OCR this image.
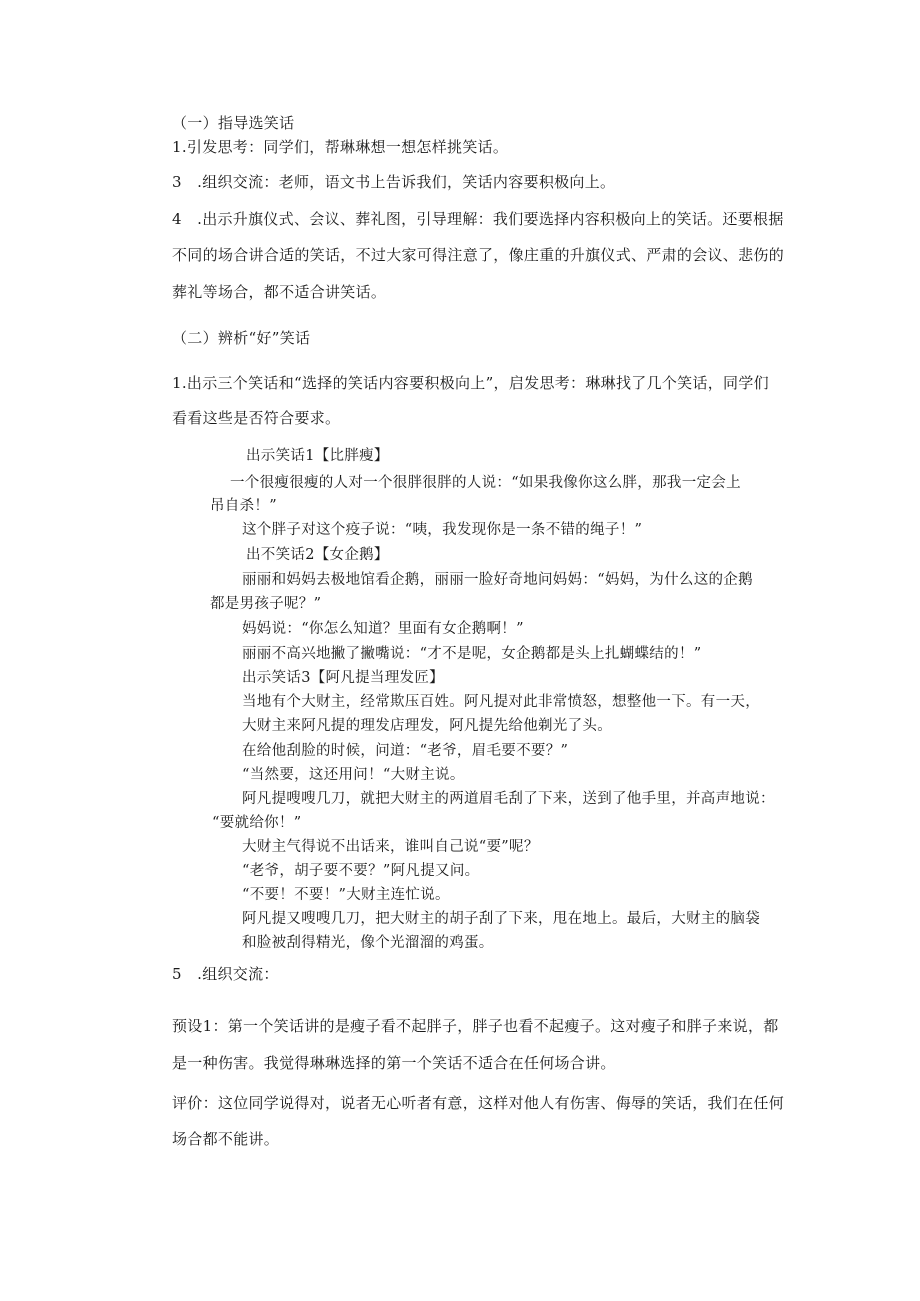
（一）指导选笑话
1.引发思考：同学们，帮琳琳想一想怎样挑笑话。
3　.组织交流：老师，语文书上告诉我们，笑话内容要积极向上。
4　.出示升旗仪式、会议、葬礼图，引导理解：我们要选择内容积极向上的笑话。还要根据
不同的场合讲合适的笑话，不过大家可得注意了，像庄重的升旗仪式、严肃的会议、悲伤的
葬礼等场合，都不适合讲笑话。
（二）辨析“好”笑话
1.出示三个笑话和“选择的笑话内容要积极向上”，启发思考：琳琳找了几个笑话，同学们
看看这些是否符合要求。
出示笑话1【比胖瘦】
一个很瘦很瘦的人对一个很胖很胖的人说：“如果我像你这么胖，那我一定会上
吊自杀！”
这个胖子对这个疫子说：“咦，我发现你是一条不错的绳子！”
出不笑话2【女企鹅】
丽丽和妈妈去极地馆看企鹅，丽丽一脸好奇地问妈妈：“妈妈，为什么这的企鹅
都是男孩子呢？”
妈妈说：“你怎么知道？里面有女企鹅啊！”
丽丽不高兴地撇了撇嘴说：“才不是呢，女企鹅都是头上扎蝴蝶结的！”
出示笑话3【阿凡提当理发匠】
当地有个大财主，经常欺压百姓。阿凡提对此非常愤怒，想整他一下。有一天，
大财主来阿凡提的理发店理发，阿凡提先给他剃光了头。
在给他刮脸的时候，问道：“老爷，眉毛要不要？”
“当然要，这还用问！“大财主说。
阿凡提嗖嗖几刀，就把大财主的两道眉毛刮了下来，送到了他手里，并高声地说：
“要就给你！”
大财主气得说不出话来，谁叫自己说“要”呢？
“老爷，胡子要不要？”阿凡提又问。
“不要！不要！”大财主连忙说。
阿凡提又嗖嗖几刀，把大财主的胡子刮了下来，甩在地上。最后，大财主的脑袋
和脸被刮得精光，像个光溜溜的鸡蛋。
5　.组织交流：
预设1：第一个笑话讲的是瘦子看不起胖子，胖子也看不起瘦子。这对瘦子和胖子来说，都
是一种伤害。我觉得琳琳选择的第一个笑话不适合在任何场合讲。
评价：这位同学说得对，说者无心听者有意，这样对他人有伤害、侮辱的笑话，我们在任何
场合都不能讲。
